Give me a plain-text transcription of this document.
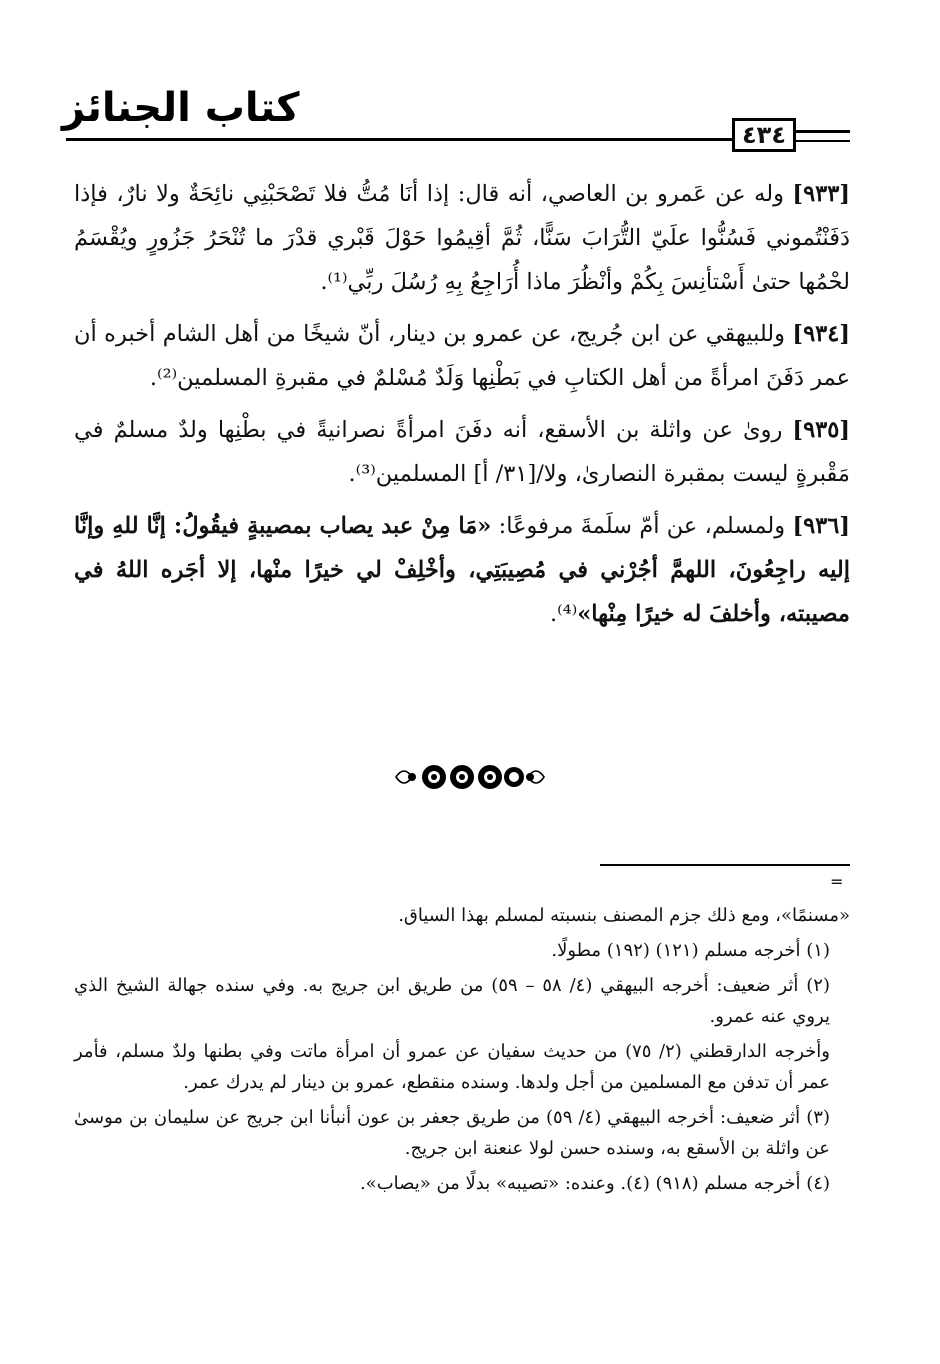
كتاب الجنائز
٤٣٤

[٩٣٣] وله عن عَمرو بن العاصي، أنه قال: إذا أنَا مُتُّ فلا تَصْحَبْنِي نائِحَةٌ ولا نارٌ، فإذا دَفَنْتُموني فَسُنُّوا علَيّ التُّرَابَ سَنًّا، ثُمَّ أقِيمُوا حَوْلَ قَبْري قدْرَ ما تُنْحَرُ جَزُورٍ ويُقْسَمُ لحْمُها حتىٰ أَسْتأنِسَ بِكُمْ وأنْظُرَ ماذا أُرَاجِعُ بِهِ رُسُلَ ربِّي⁽¹⁾.

[٩٣٤] وللبيهقي عن ابن جُريج، عن عمرو بن دينار، أنّ شيخًا من أهل الشام أخبره أن عمر دَفَنَ امرأةً من أهل الكتابِ في بَطْنِها وَلَدٌ مُسْلمٌ في مقبرةِ المسلمين⁽²⁾.

[٩٣٥] روىٰ عن واثلة بن الأسقع، أنه دفَنَ امرأةً نصرانيةً في بطْنِها ولدٌ مسلمٌ في مَقْبرةٍ ليست بمقبرة النصارىٰ، ولا/[٣١/ أ] المسلمين⁽³⁾.

[٩٣٦] ولمسلم، عن أمّ سلَمةَ مرفوعًا: «مَا مِنْ عبد يصاب بمصيبةٍ فيقُولُ: إنَّا للهِ وإنَّا إليه راجِعُونَ، اللهمَّ أجُرْني في مُصِيبَتِي، وأخْلِفْ لي خيرًا منْها، إلا أجَره اللهُ في مصيبته، وأخلفَ له خيرًا مِنْها»⁽⁴⁾.

=

«مسنمًا»، ومع ذلك جزم المصنف بنسبته لمسلم بهذا السياق.

(١) أخرجه مسلم (١٢١) (١٩٢) مطولًا.

(٢) أثر ضعيف: أخرجه البيهقي (٤/ ٥٨ – ٥٩) من طريق ابن جريج به. وفي سنده جهالة الشيخ الذي يروي عنه عمرو.

وأخرجه الدارقطني (٢/ ٧٥) من حديث سفيان عن عمرو أن امرأة ماتت وفي بطنها ولدٌ مسلم، فأمر عمر أن تدفن مع المسلمين من أجل ولدها. وسنده منقطع، عمرو بن دينار لم يدرك عمر.

(٣) أثر ضعيف: أخرجه البيهقي (٤/ ٥٩) من طريق جعفر بن عون أنبأنا ابن جريج عن سليمان بن موسىٰ عن واثلة بن الأسقع به، وسنده حسن لولا عنعنة ابن جريج.

(٤) أخرجه مسلم (٩١٨) (٤). وعنده: «تصيبه» بدلًا من «يصاب».
